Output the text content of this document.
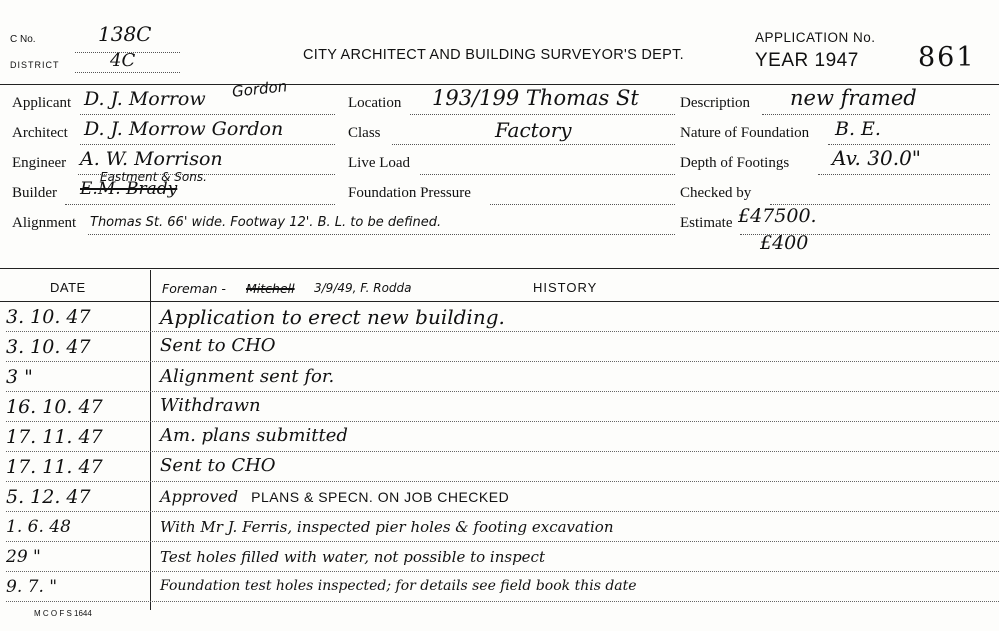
C No.	138C
DISTRICT	4C	CITY ARCHITECT AND BUILDING SURVEYOR'S DEPT.
APPLICATION No.
YEAR 1947 861
Gordon
Applicant D. J. Morrow	Location 193/199 Thomas St	Description new framed
Architect D. J. Morrow Gordon	Class	Factory	Nature of Foundation B. E.
Engineer A. W. Morrison	Live Load	Depth of Footings Av. 30.0"
Eastment & Sons.
Builder E.M. Brady	Foundation Pressure	Checked by
Alignment Thomas St. 66' wide. Footway 12'. B. L. to be defined.	Estimate £47500.
£400
DATE	Foreman - Mitchell 3/9/49, F. Rodda	HISTORY
3. 10. 47	Application to erect new building.
3. 10. 47	Sent to CHO
3 "	Alignment sent for.
16. 10. 47	Withdrawn
17. 11. 47	Am. plans submitted
17. 11. 47	Sent to CHO
5. 12. 47	Approved PLANS & SPECN. ON JOB CHECKED
1. 6. 48	With Mr J. Ferris, inspected pier holes & footing excavation
29 "	Test holes filled with water, not possible to inspect
9. 7. "	Foundation test holes inspected; for details see field book this date
M C O F S 1644
